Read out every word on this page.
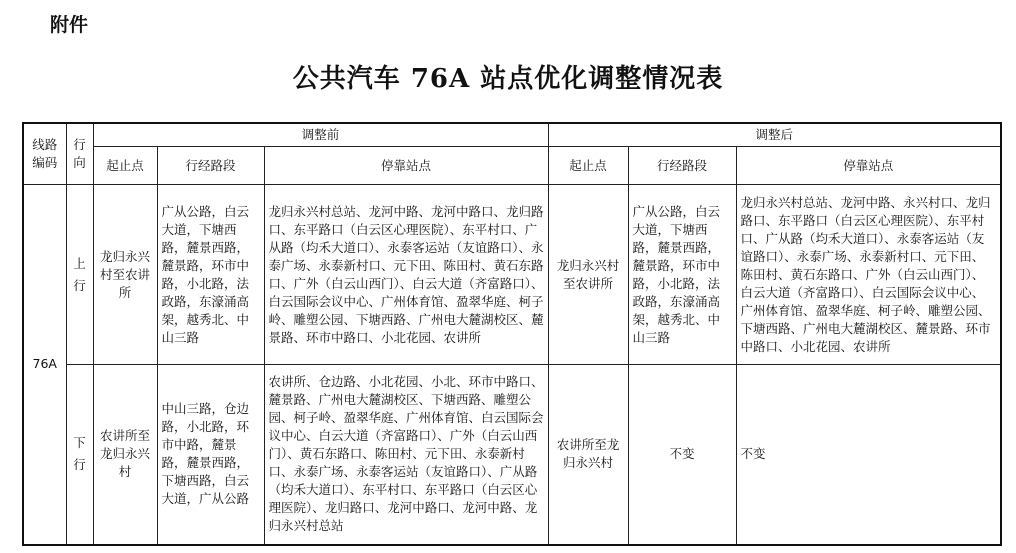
附件
公共汽车 76A 站点优化调整情况表
线路编码	行向	调整前			调整后		
		起止点	行经路段	停靠站点	起止点	行经路段	停靠站点
76A	上行	龙归永兴村至农讲所	广从公路，白云大道，下塘西路，麓景西路，麓景路，环市中路，小北路，法政路，东濠涌高架，越秀北、中山三路	龙归永兴村总站、龙河中路、龙河中路口、龙归路口、东平路口（白云区心理医院）、东平村口、广从路（均禾大道口）、永泰客运站（友谊路口）、永泰广场、永泰新村口、元下田、陈田村、黄石东路口、广外（白云山西门）、白云大道（齐富路口）、白云国际会议中心、广州体育馆、盈翠华庭、柯子岭、雕塑公园、下塘西路、广州电大麓湖校区、麓景路、环市中路口、小北花园、农讲所	龙归永兴村至农讲所	广从公路，白云大道，下塘西路，麓景西路，麓景路，环市中路，小北路，法政路，东濠涌高架，越秀北、中山三路	龙归永兴村总站、龙河中路、永兴村口、龙归路口、东平路口（白云区心理医院）、东平村口、广从路（均禾大道口）、永泰客运站（友谊路口）、永泰广场、永泰新村口、元下田、陈田村、黄石东路口、广外（白云山西门）、白云大道（齐富路口）、白云国际会议中心、广州体育馆、盈翠华庭、柯子岭、雕塑公园、下塘西路、广州电大麓湖校区、麓景路、环市中路口、小北花园、农讲所
	下行	农讲所至龙归永兴村	中山三路，仓边路，小北路，环市中路，麓景路，麓景西路，下塘西路，白云大道，广从公路	农讲所、仓边路、小北花园、小北、环市中路口、麓景路、广州电大麓湖校区、下塘西路、雕塑公园、柯子岭、盈翠华庭、广州体育馆、白云国际会议中心、白云大道（齐富路口）、广外（白云山西门）、黄石东路口、陈田村、元下田、永泰新村口、永泰广场、永泰客运站（友谊路口）、广从路（均禾大道口）、东平村口、东平路口（白云区心理医院）、龙归路口、龙河中路口、龙河中路、龙归永兴村总站	农讲所至龙归永兴村	不变	不变
